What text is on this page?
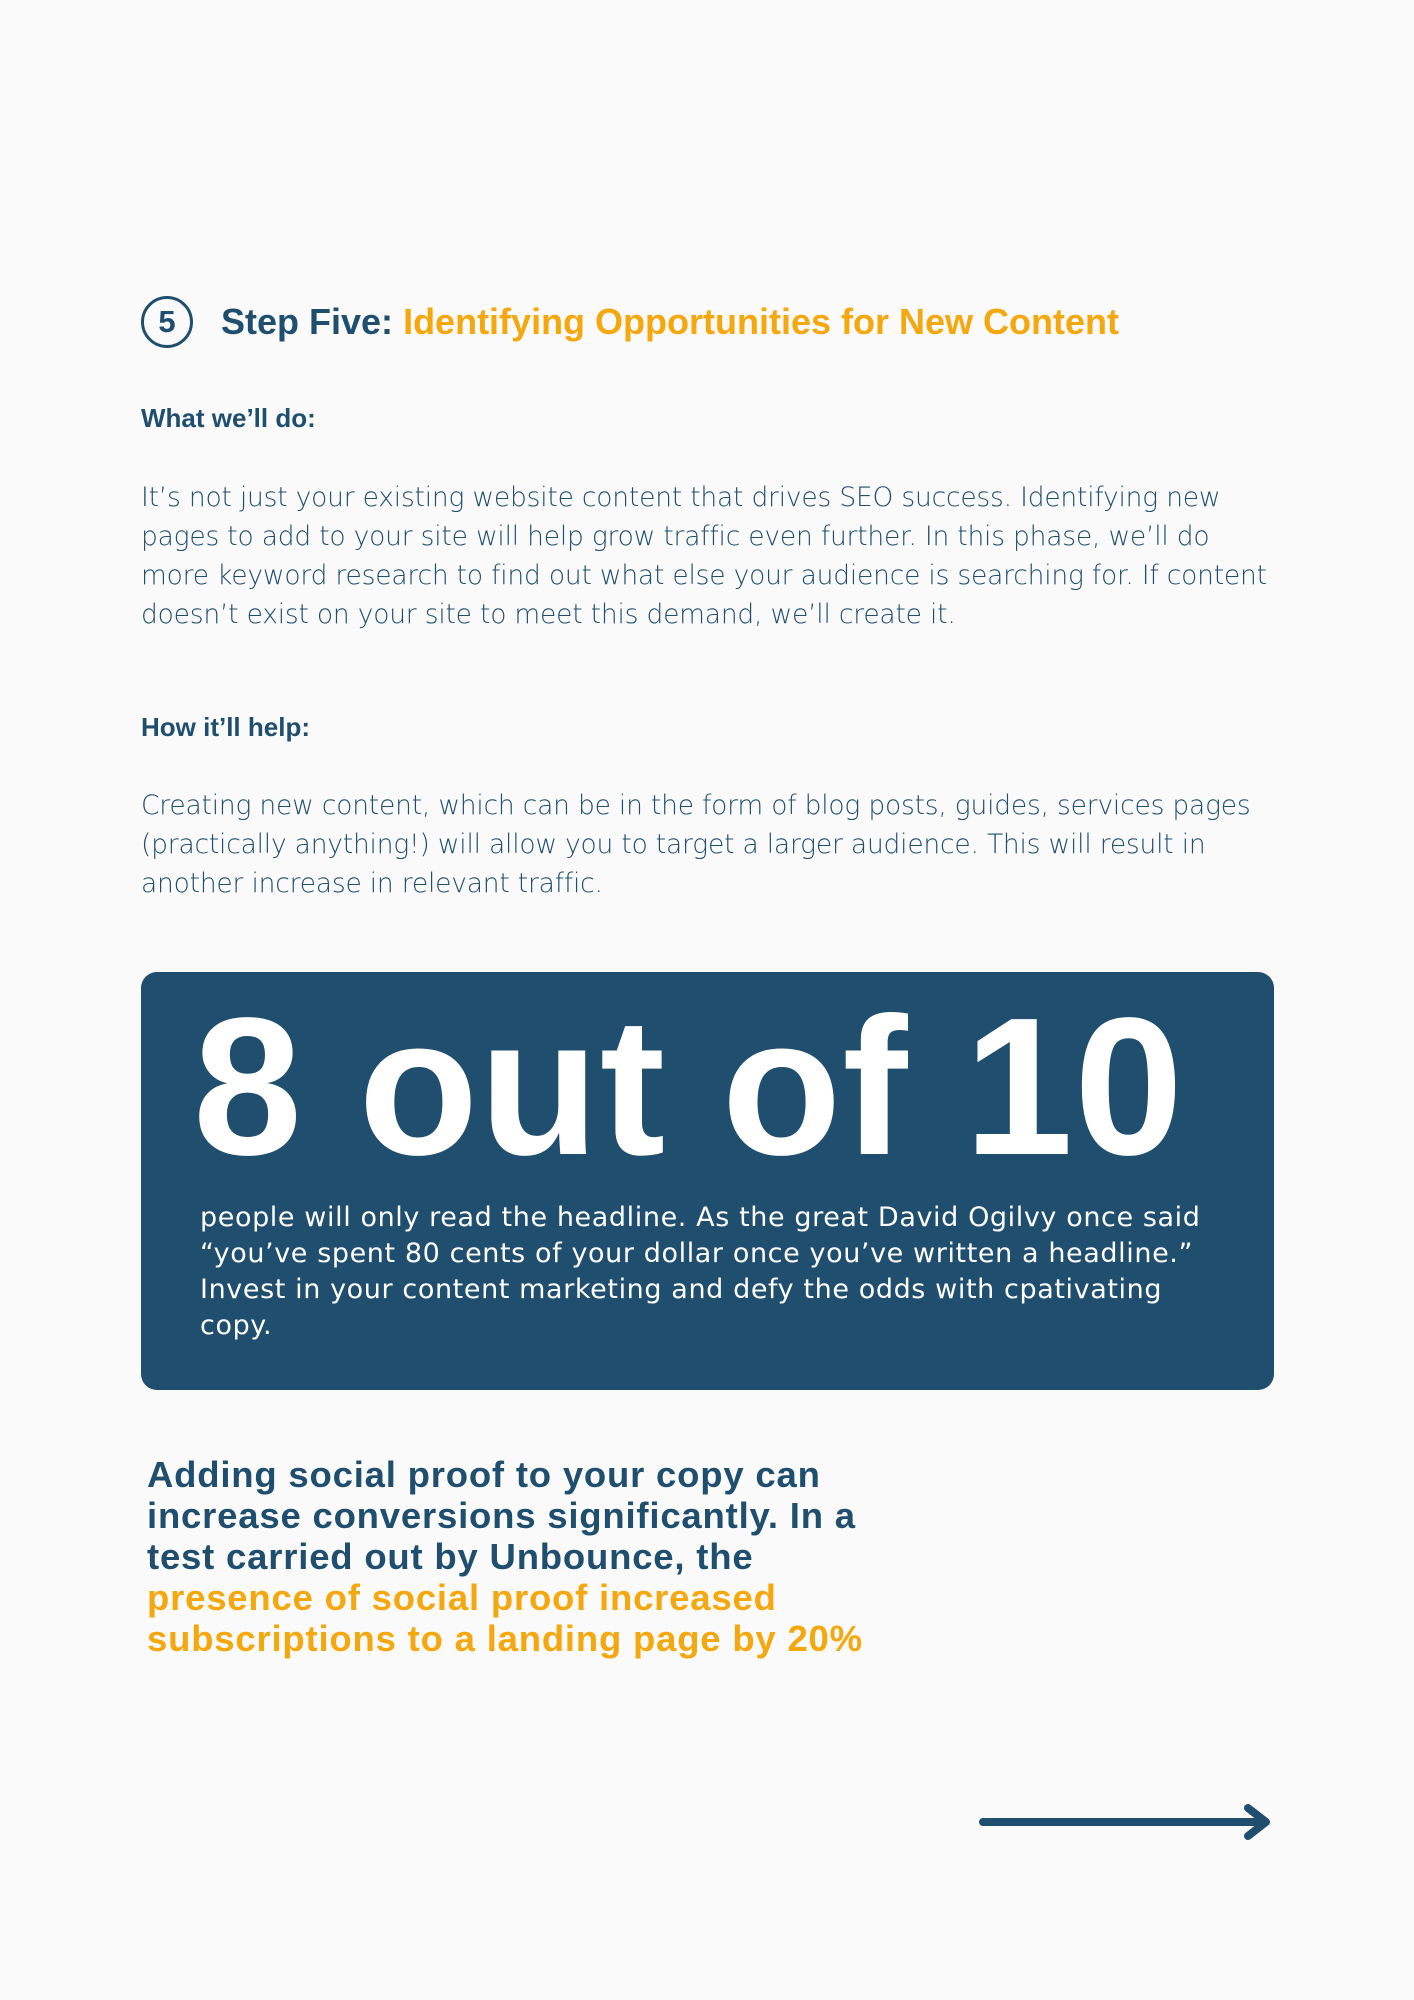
5	Step Five: Identifying Opportunities for New Content
What we’ll do:
It’s not just your existing website content that drives SEO success. Identifying new pages to add to your site will help grow traffic even further. In this phase, we’ll do more keyword research to find out what else your audience is searching for. If content doesn’t exist on your site to meet this demand, we’ll create it.
How it’ll help:
Creating new content, which can be in the form of blog posts, guides, services pages (practically anything!) will allow you to target a larger audience. This will result in another increase in relevant traffic.
8 out of 10
people will only read the headline. As the great David Ogilvy once said “you’ve spent 80 cents of your dollar once you’ve written a headline.” Invest in your content marketing and defy the odds with cpativating copy.
Adding social proof to your copy can increase conversions significantly. In a test carried out by Unbounce, the presence of social proof increased subscriptions to a landing page by 20%
